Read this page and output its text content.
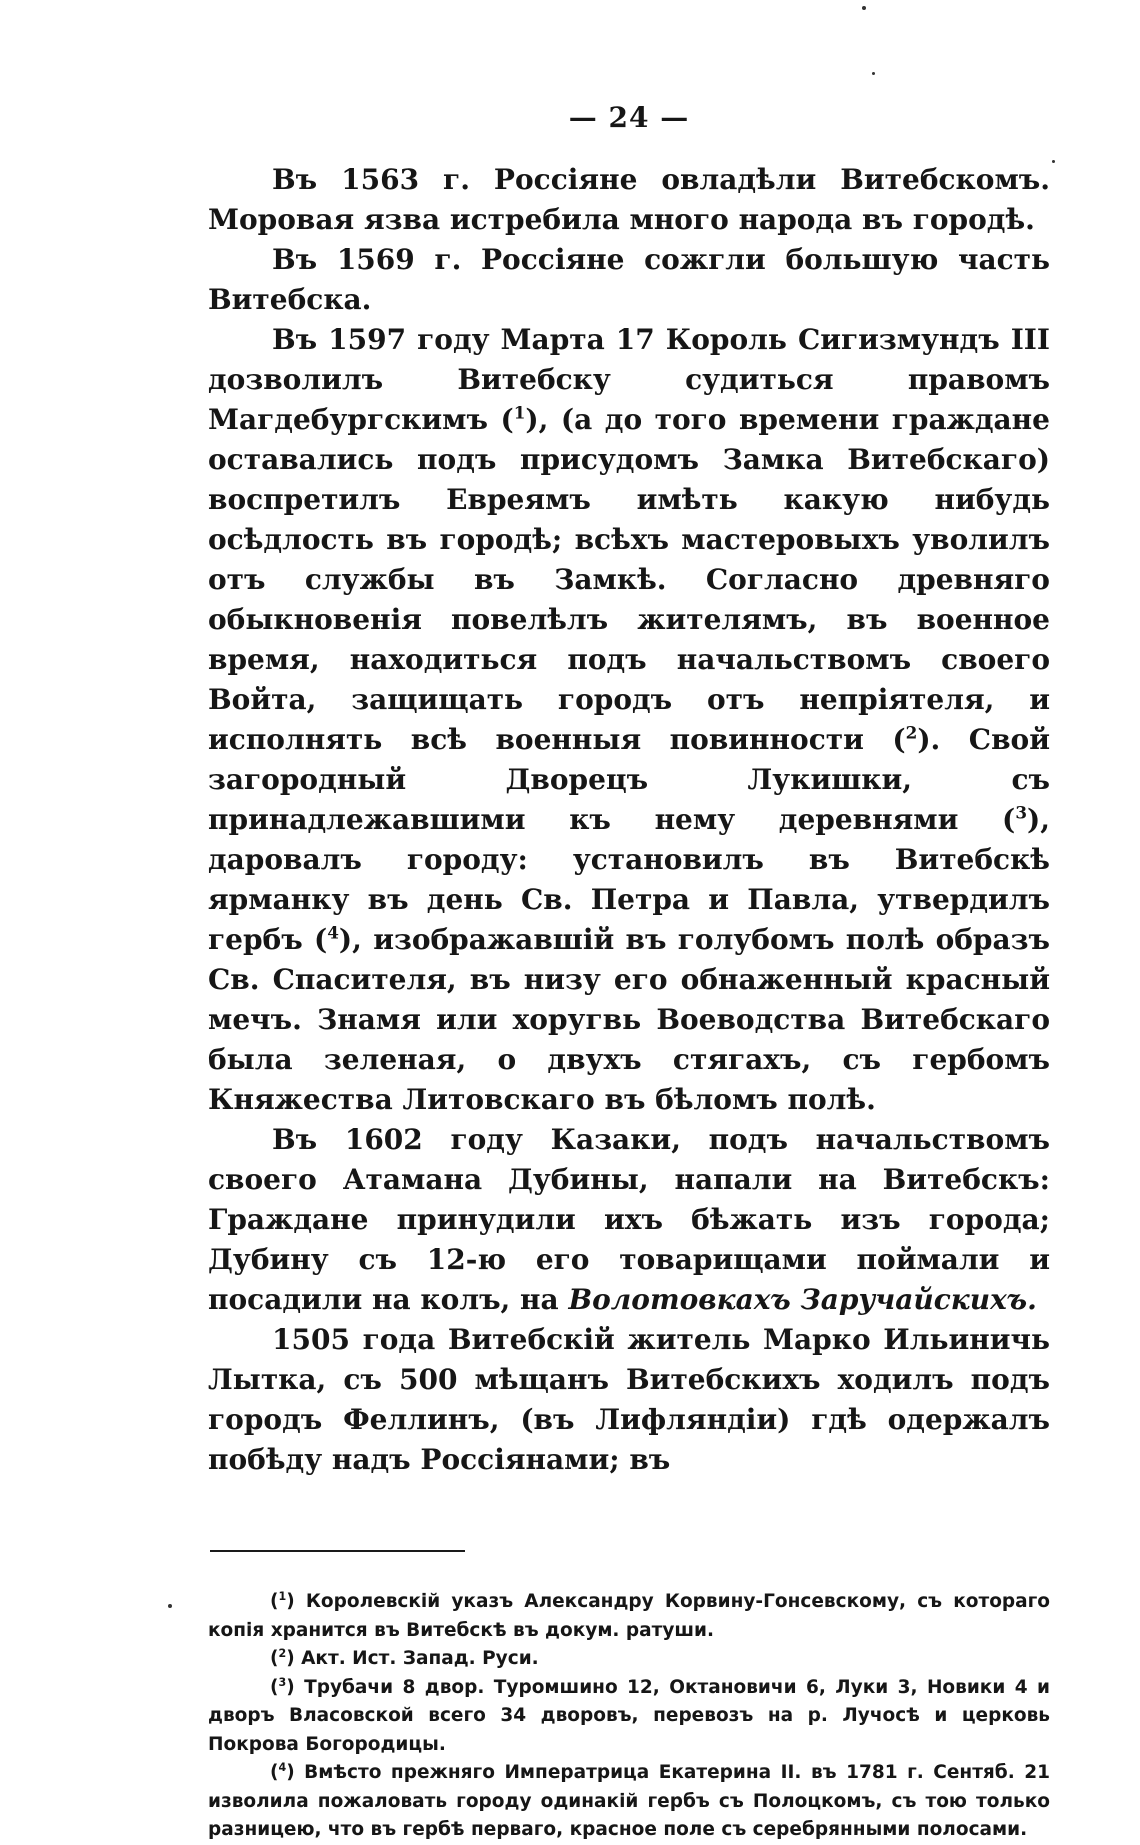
— 24 —

Въ 1563 г. Россіяне овладѣли Витебскомъ. Моровая язва истребила много народа въ городѣ.

Въ 1569 г. Россіяне сожгли большую часть Витебска.

Въ 1597 году Марта 17 Король Сигизмундъ III дозволилъ Витебску судиться правомъ Магдебургскимъ ($^1$), (а до того времени граждане оставались подъ присудомъ Замка Витебскаго) воспретилъ Евреямъ имѣть какую нибудь осѣдлость въ городѣ; всѣхъ мастеровыхъ уволилъ отъ службы въ Замкѣ. Согласно древняго обыкновенія повелѣлъ жителямъ, въ военное время, находиться подъ начальствомъ своего Войта, защищать городъ отъ непріятеля, и исполнять всѣ военныя повинности ($^2$). Свой загородный Дворецъ Лукишки, съ принадлежавшими къ нему деревнями ($^3$), даровалъ городу: установилъ въ Витебскѣ ярманку въ день Св. Петра и Павла, утвердилъ гербъ ($^4$), изображавшій въ голубомъ полѣ образъ Св. Спасителя, въ низу его обнаженный красный мечъ. Знамя или хоругвь Воеводства Витебскаго была зеленая, о двухъ стягахъ, съ гербомъ Княжества Литовскаго въ бѣломъ полѣ.

Въ 1602 году Казаки, подъ начальствомъ своего Атамана Дубины, напали на Витебскъ: Граждане принудили ихъ бѣжать изъ города; Дубину съ 12-ю его товарищами поймали и посадили на колъ, на Волотовкахъ Заручайскихъ.

1505 года Витебскій житель Марко Ильиничь Лытка, съ 500 мѣщанъ Витебскихъ ходилъ подъ городъ Феллинъ, (въ Лифляндіи) гдѣ одержалъ побѣду надъ Россіянами; въ

($^1$) Королевскій указъ Александру Корвину-Гонсевскому, съ котораго копія хранится въ Витебскѣ въ докум. ратуши.

($^2$) Акт. Ист. Запад. Руси.

($^3$) Трубачи 8 двор. Туромшино 12, Октановичи 6, Луки 3, Новики 4 и дворъ Власовской всего 34 дворовъ, перевозъ на р. Лучосѣ и церковь Покрова Богородицы.

($^4$) Вмѣсто прежняго Императрица Екатерина II. въ 1781 г. Сентяб. 21 изволила пожаловать городу одинакій гербъ съ Полоцкомъ, съ тою только разницею, что въ гербѣ перваго, красное поле съ серебрянными полосами.
